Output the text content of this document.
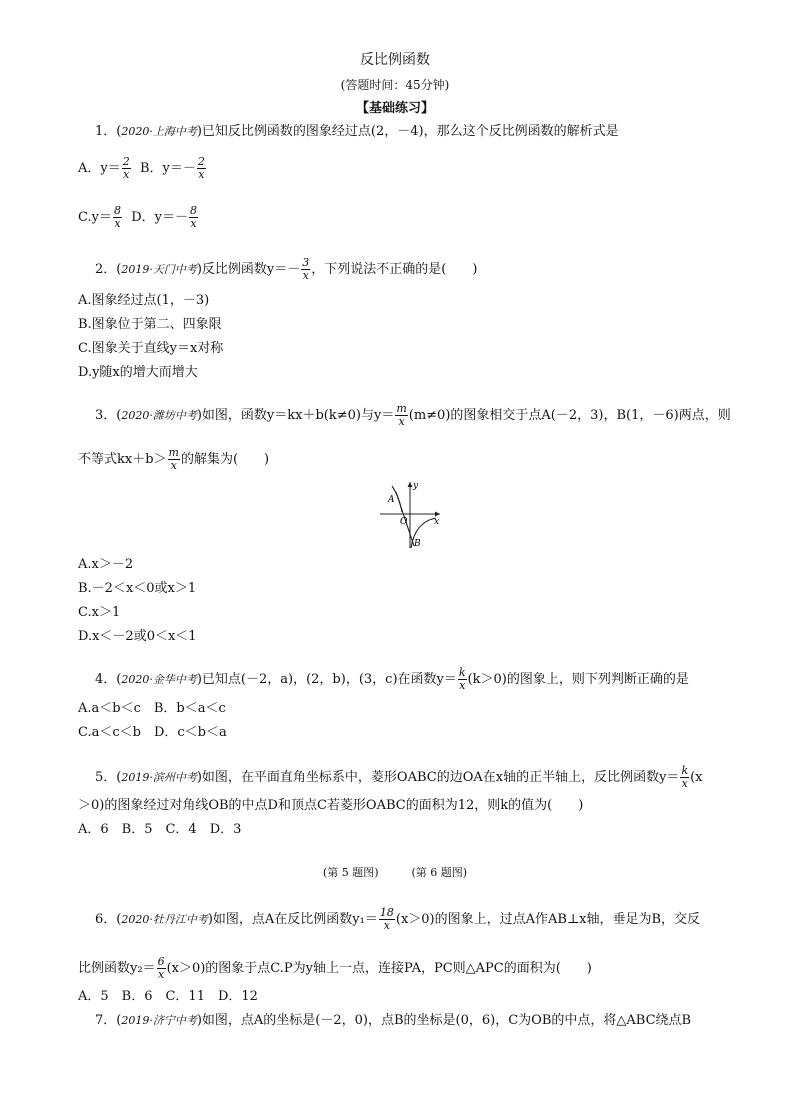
反比例函数
(答题时间：45分钟)
【基础练习】
1．(2020·上海中考)已知反比例函数的图象经过点(2，－4)，那么这个反比例函数的解析式是
A．$y= \frac{2}{x}$ B．$y=- \frac{2}{x}$
$C.y= \frac{8}{x}$ D．$y=- \frac{8}{x}$
2．(2019·天门中考)反比例函数$y=- \frac{3}{x}$ ，下列说法不正确的是(　　)
A.图象经过点(1，－3)
B.图象位于第二、四象限
C.图象关于直线y＝x对称
D.y随x的增大而增大
3．(2020·潍坊中考)如图，函数y＝kx＋b(k≠0)与$y= \frac{m}{x} (m\ne 0)$的图象相交于点A(－2，3)，B(1，－6)两点，则
不等式$kx+b> \frac{m}{x}$ 的解集为(　　)
y
x
O
A
B
A.x＞－2
B.－2＜x＜0或x＞1
C.x＞1
D.x＜－2或0＜x＜1
4．(2020·金华中考)已知点(－2，a)，(2，b)，(3，c)在函数$y= \frac{k}{x} (k>0)$的图象上，则下列判断正确的是
A.a＜b＜c　B．b＜a＜c
C.a＜c＜b　D．c＜b＜a
5．(2019·滨州中考)如图，在平面直角坐标系中，菱形OABC的边OA在x轴的正半轴上，反比例函数$y= \frac{k}{x} (x$
＞0)的图象经过对角线OB的中点D和顶点C若菱形OABC的面积为12，则k的值为(　　)
A．6　B．5　C．4　D．3
(第 5 题图)　　　(第 6 题图)
6．(2020·牡丹江中考)如图，点A在反比例函数$y_1= \frac{18}{x} (x>0)$的图象上，过点A作AB⊥x轴，垂足为B，交反
比例函数$y_2= \frac{6}{x} (x>0)$的图象于点C.P为y轴上一点，连接PA，PC则△APC的面积为(　　)
A．5　B．6　C．11　D．12
7．(2019·济宁中考)如图，点A的坐标是(－2，0)，点B的坐标是(0，6)，C为OB的中点，将△ABC绕点B
